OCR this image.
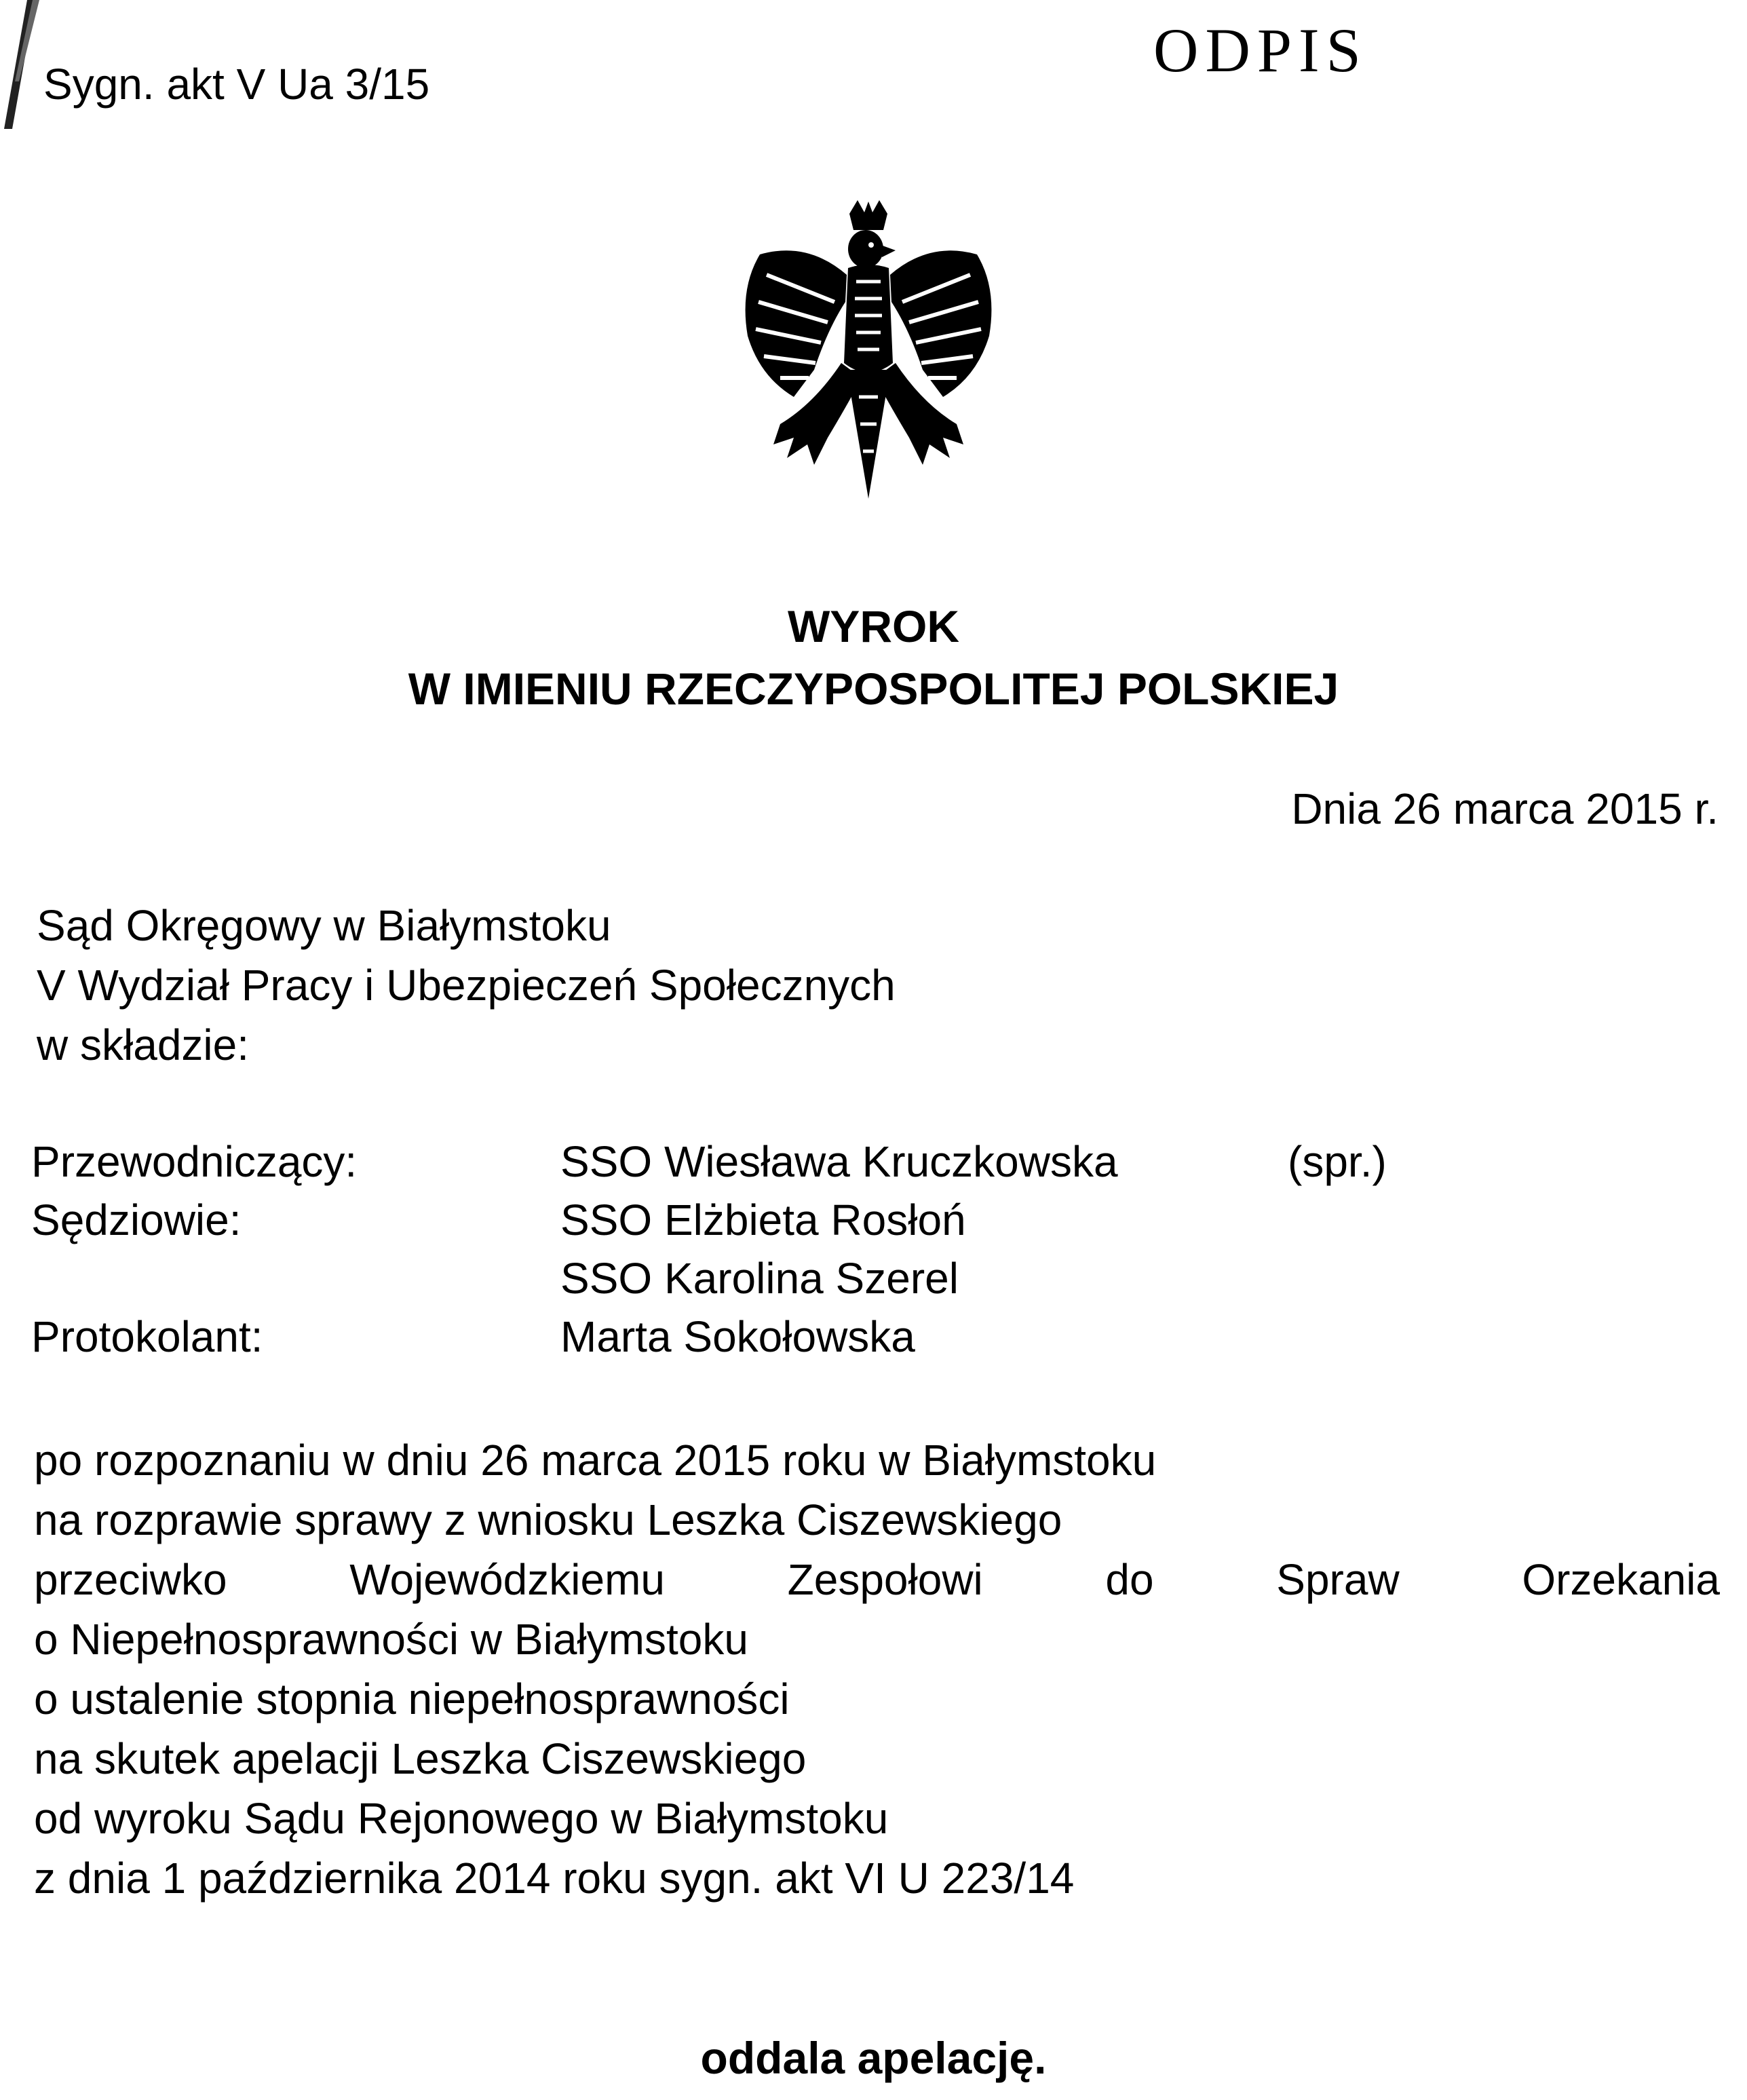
Sygn. akt V Ua 3/15	ODPIS
WYROK
W IMIENIU RZECZYPOSPOLITEJ POLSKIEJ
Dnia 26 marca 2015 r.
Sąd Okręgowy w Białymstoku
V Wydział Pracy i Ubezpieczeń Społecznych
w składzie:
Przewodniczący:	SSO Wiesława Kruczkowska	(spr.)
Sędziowie:	SSO Elżbieta Rosłoń
SSO Karolina Szerel
Protokolant:	Marta Sokołowska
po rozpoznaniu w dniu 26 marca 2015 roku w Białymstoku
na rozprawie sprawy z wniosku Leszka Ciszewskiego
przeciwko	Wojewódzkiemu	Zespołowi	do	Spraw	Orzekania
o Niepełnosprawności w Białymstoku
o ustalenie stopnia niepełnosprawności
na skutek apelacji Leszka Ciszewskiego
od wyroku Sądu Rejonowego w Białymstoku
z dnia 1 października 2014 roku sygn. akt VI U 223/14
oddala apelację.
